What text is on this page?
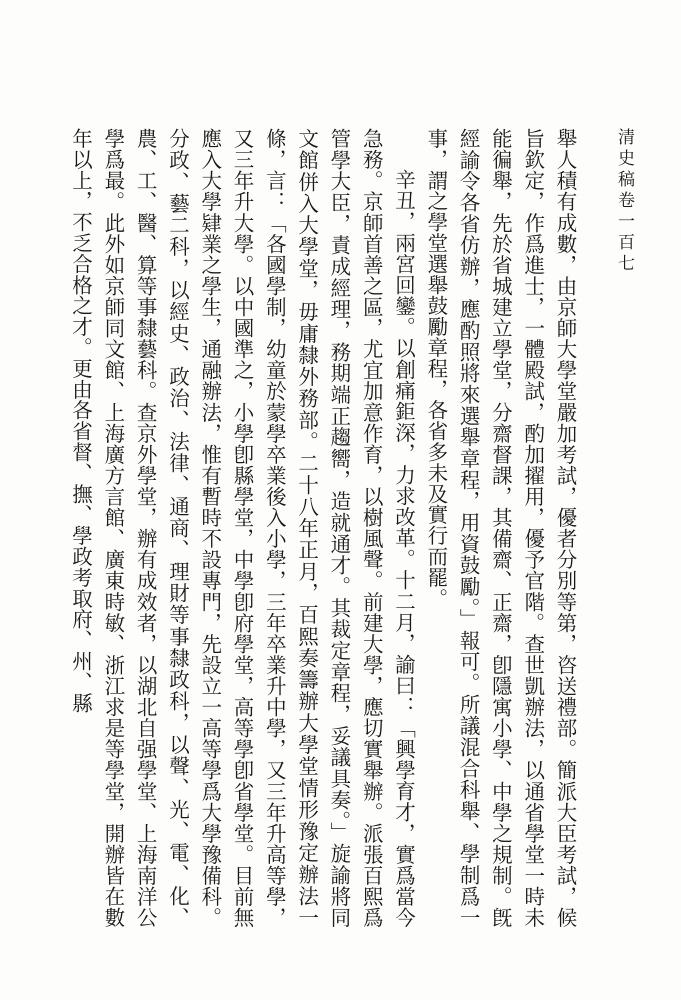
清史稿卷一百七

舉人積有成數，由京師大學堂嚴加考試，優者分別等第，咨送禮部。簡派大臣考試，候旨欽定，作爲進士，一體殿試，酌加擢用，優予官階。查世凱辦法，以通省學堂一時未能徧舉，先於省城建立學堂，分齋督課，其備齋、正齋，卽隱寓小學、中學之規制。旣經諭令各省仿辦，應酌照將來選舉章程，用資鼓勵。」報可。所議混合科舉、學制爲一事，謂之學堂選舉鼓勵章程，各省多未及實行而罷。

辛丑，兩宮回鑾。以創痛鉅深，力求改革。十二月，諭曰：「興學育才，實爲當今急務。京師首善之區，尤宜加意作育，以樹風聲。前建大學，應切實舉辦。派張百熙爲管學大臣，責成經理，務期端正趨嚮，造就通才。其裁定章程，妥議具奏。」旋諭將同文館併入大學堂，毋庸隸外務部。二十八年正月，百熙奏籌辦大學堂情形豫定辦法一條，言：「各國學制，幼童於蒙學卒業後入小學，三年卒業升中學，又三年升高等學，又三年升大學。以中國準之，小學卽縣學堂，中學卽府學堂，高等學卽省學堂。目前無應入大學肄業之學生，通融辦法，惟有暫時不設專門，先設立一高等學爲大學豫備科。分政、藝二科，以經史、政治、法律、通商、理財等事隸政科，以聲、光、電、化、農、工、醫、算等事隸藝科。查京外學堂，辦有成效者，以湖北自强學堂、上海南洋公學爲最。此外如京師同文館、上海廣方言館、廣東時敏、浙江求是等學堂，開辦皆在數年以上，不乏合格之才。更由各省督、撫、學政考取府、州、縣
